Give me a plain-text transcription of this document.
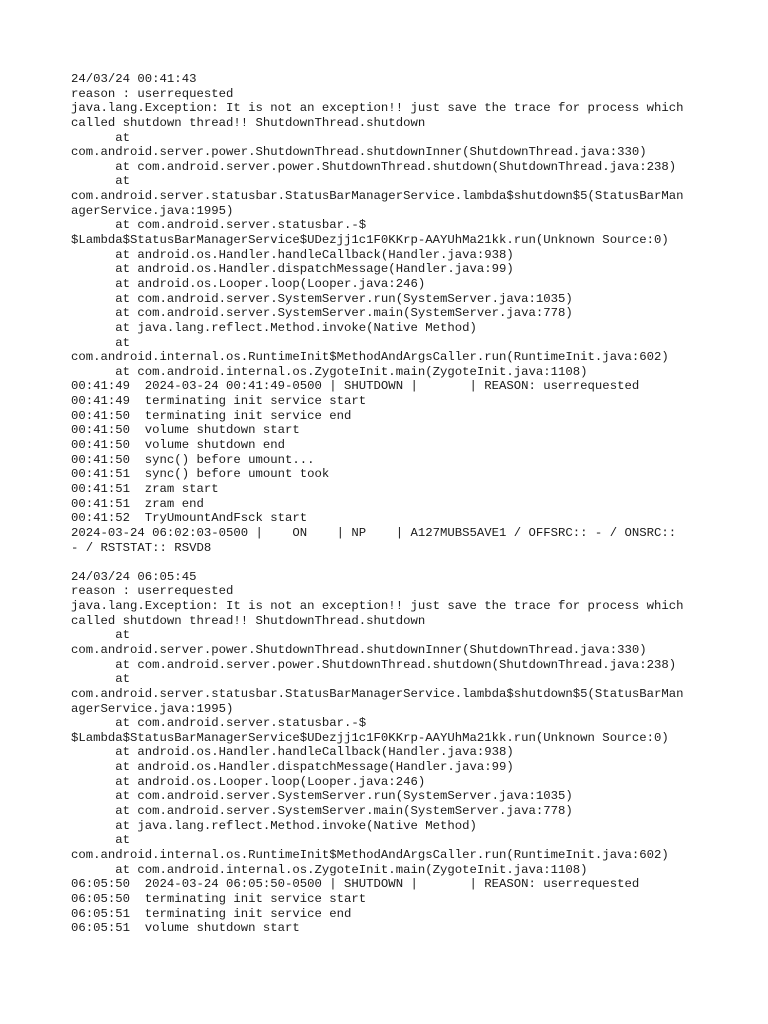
24/03/24 00:41:43
reason : userrequested
java.lang.Exception: It is not an exception!! just save the trace for process which
called shutdown thread!! ShutdownThread.shutdown
at
com.android.server.power.ShutdownThread.shutdownInner(ShutdownThread.java:330)
at com.android.server.power.ShutdownThread.shutdown(ShutdownThread.java:238)
at
com.android.server.statusbar.StatusBarManagerService.lambda$shutdown$5(StatusBarMan
agerService.java:1995)
at com.android.server.statusbar.-$
$Lambda$StatusBarManagerService$UDezjj1c1F0KKrp-AAYUhMa21kk.run(Unknown Source:0)
at android.os.Handler.handleCallback(Handler.java:938)
at android.os.Handler.dispatchMessage(Handler.java:99)
at android.os.Looper.loop(Looper.java:246)
at com.android.server.SystemServer.run(SystemServer.java:1035)
at com.android.server.SystemServer.main(SystemServer.java:778)
at java.lang.reflect.Method.invoke(Native Method)
at
com.android.internal.os.RuntimeInit$MethodAndArgsCaller.run(RuntimeInit.java:602)
at com.android.internal.os.ZygoteInit.main(ZygoteInit.java:1108)
00:41:49  2024-03-24 00:41:49-0500 | SHUTDOWN |       | REASON: userrequested
00:41:49  terminating init service start
00:41:50  terminating init service end
00:41:50  volume shutdown start
00:41:50  volume shutdown end
00:41:50  sync() before umount...
00:41:51  sync() before umount took
00:41:51  zram start
00:41:51  zram end
00:41:52  TryUmountAndFsck start
2024-03-24 06:02:03-0500 |    ON    | NP    | A127MUBS5AVE1 / OFFSRC:: - / ONSRC::
- / RSTSTAT:: RSVD8
24/03/24 06:05:45
reason : userrequested
java.lang.Exception: It is not an exception!! just save the trace for process which
called shutdown thread!! ShutdownThread.shutdown
at
com.android.server.power.ShutdownThread.shutdownInner(ShutdownThread.java:330)
at com.android.server.power.ShutdownThread.shutdown(ShutdownThread.java:238)
at
com.android.server.statusbar.StatusBarManagerService.lambda$shutdown$5(StatusBarMan
agerService.java:1995)
at com.android.server.statusbar.-$
$Lambda$StatusBarManagerService$UDezjj1c1F0KKrp-AAYUhMa21kk.run(Unknown Source:0)
at android.os.Handler.handleCallback(Handler.java:938)
at android.os.Handler.dispatchMessage(Handler.java:99)
at android.os.Looper.loop(Looper.java:246)
at com.android.server.SystemServer.run(SystemServer.java:1035)
at com.android.server.SystemServer.main(SystemServer.java:778)
at java.lang.reflect.Method.invoke(Native Method)
at
com.android.internal.os.RuntimeInit$MethodAndArgsCaller.run(RuntimeInit.java:602)
at com.android.internal.os.ZygoteInit.main(ZygoteInit.java:1108)
06:05:50  2024-03-24 06:05:50-0500 | SHUTDOWN |       | REASON: userrequested
06:05:50  terminating init service start
06:05:51  terminating init service end
06:05:51  volume shutdown start
